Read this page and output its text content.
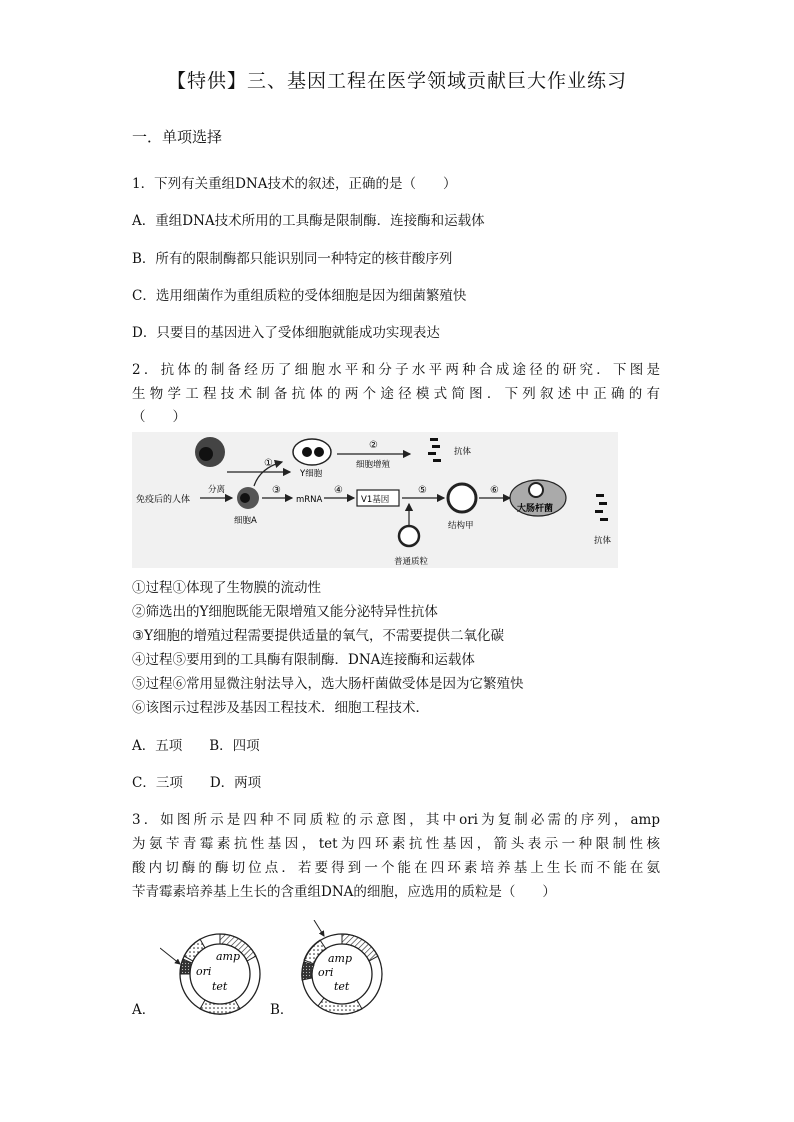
【特供】三、基因工程在医学领域贡献巨大作业练习
一．单项选择
1．下列有关重组DNA技术的叙述，正确的是（　　）
A．重组DNA技术所用的工具酶是限制酶．连接酶和运载体
B．所有的限制酶都只能识别同一种特定的核苷酸序列
C．选用细菌作为重组质粒的受体细胞是因为细菌繁殖快
D．只要目的基因进入了受体细胞就能成功实现表达
2．抗体的制备经历了细胞水平和分子水平两种合成途径的研究．下图是
生物学工程技术制备抗体的两个途径模式简图．下列叙述中正确的有
（　　）
①
Y细胞
②
细胞增殖
抗体
免疫后的人体
分离
细胞A
③
mRNA
④
V1基因
⑤
普通质粒
结构甲
⑥
大肠杆菌
抗体
①过程①体现了生物膜的流动性
②筛选出的Y细胞既能无限增殖又能分泌特异性抗体
③Y细胞的增殖过程需要提供适量的氧气，不需要提供二氧化碳
④过程⑤要用到的工具酶有限制酶．DNA连接酶和运载体
⑤过程⑥常用显微注射法导入，选大肠杆菌做受体是因为它繁殖快
⑥该图示过程涉及基因工程技术．细胞工程技术．
A．五项　　B．四项
C．三项　　D．两项
3．如图所示是四种不同质粒的示意图，其中ori为复制必需的序列，amp
为氨苄青霉素抗性基因，tet为四环素抗性基因，箭头表示一种限制性核
酸内切酶的酶切位点．若要得到一个能在四环素培养基上生长而不能在氨
苄青霉素培养基上生长的含重组DNA的细胞，应选用的质粒是（　　）
amp
ori
tet
A．
amp
ori
tet
B．
